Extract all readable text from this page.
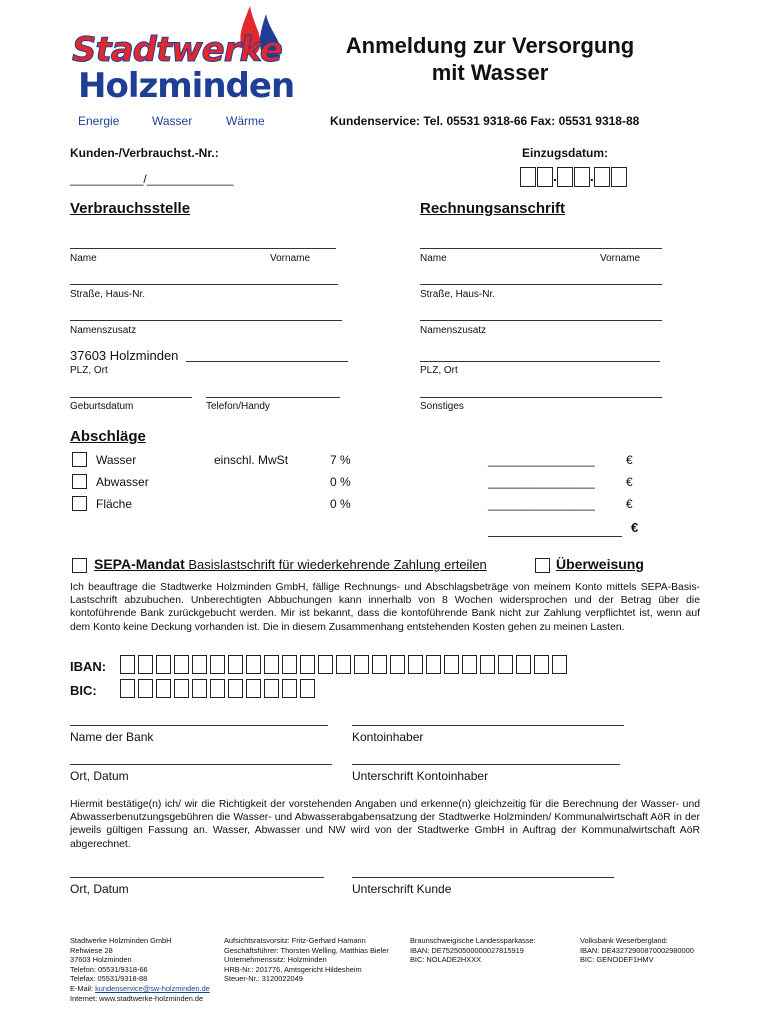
Stadtwerke
Holzminden
Energie	Wasser	Wärme
Anmeldung zur Versorgung
mit Wasser
Kundenservice: Tel. 05531 9318-66 Fax: 05531 9318-88
Kunden-/Verbrauchst.-Nr.:	Einzugsdatum:
___________/_____________	. .
Verbrauchsstelle	Rechnungsanschrift
Name	Vorname
Straße, Haus-Nr.
Namenszusatz
37603 Holzminden
PLZ, Ort
Geburtsdatum	Telefon/Handy
Name	Vorname
Straße, Haus-Nr.
Namenszusatz
PLZ, Ort
Sonstiges
Abschläge
Wasser	einschl. MwSt	7 %	________________	€
Abwasser	0 %	________________	€
Fläche	0 %	________________	€
€
SEPA-Mandat Basislastschrift für wiederkehrende Zahlung erteilen	Überweisung
Ich beauftrage die Stadtwerke Holzminden GmbH, fällige Rechnungs- und Abschlagsbeträge von meinem Konto mittels SEPA-Basis-Lastschrift abzubuchen. Unberechtigten Abbuchungen kann innerhalb von 8 Wochen widersprochen und der Betrag über die kontoführende Bank zurückgebucht werden. Mir ist bekannt, dass die kontoführende Bank nicht zur Zahlung verpflichtet ist, wenn auf dem Konto keine Deckung vorhanden ist. Die in diesem Zusammenhang entstehenden Kosten gehen zu meinen Lasten.
IBAN:
BIC:
Name der Bank	Kontoinhaber
Ort, Datum	Unterschrift Kontoinhaber
Hiermit bestätige(n) ich/ wir die Richtigkeit der vorstehenden Angaben und erkenne(n) gleichzeitig für die Berechnung der Wasser- und Abwasserbenutzungsgebühren die Wasser- und Abwasserabgabensatzung der Stadtwerke Holzminden/ Kommunalwirtschaft AöR in der jeweils gültigen Fassung an. Wasser, Abwasser und NW wird von der Stadtwerke GmbH in Auftrag der Kommunalwirtschaft AöR abgerechnet.
Ort, Datum	Unterschrift Kunde
Stadtwerke Holzminden GmbH
Rehwiese 28
37603 Holzminden
Telefon: 05531/9318-66
Telefax: 05531/9318-88
E-Mail: kundenservice@sw-holzminden.de
Internet: www.stadtwerke-holzminden.de
Aufsichtsratsvorsitz: Fritz-Gerhard Hamann
Geschäftsführer: Thorsten Welling, Matthias Bieler
Unternehmenssitz: Holzminden
HRB-Nr.: 201776, Amtsgericht Hildesheim
Steuer-Nr.: 3120022049
Braunschweigische Landessparkasse:
IBAN: DE75250500000027815919
BIC: NOLADE2HXXX
Volksbank Weserbergland:
IBAN: DE43272900870002980000
BIC: GENODEF1HMV
